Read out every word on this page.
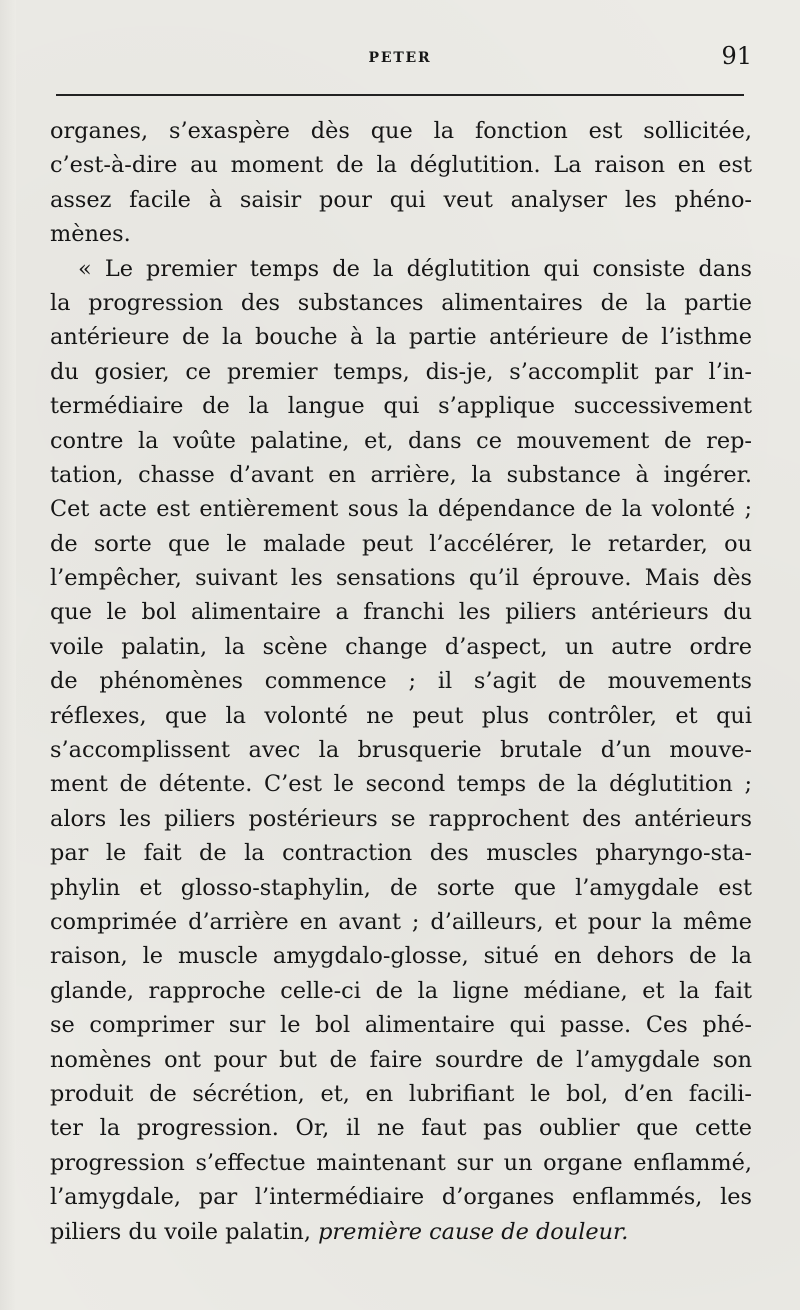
PETER	91
organes, s’exaspère dès que la fonction est sollicitée,
c’est-à-dire au moment de la déglutition. La raison en est
assez facile à saisir pour qui veut analyser les phéno-
mènes.
« Le premier temps de la déglutition qui consiste dans
la progression des substances alimentaires de la partie
antérieure de la bouche à la partie antérieure de l’isthme
du gosier, ce premier temps, dis-je, s’accomplit par l’in-
termédiaire de la langue qui s’applique successivement
contre la voûte palatine, et, dans ce mouvement de rep-
tation, chasse d’avant en arrière, la substance à ingérer.
Cet acte est entièrement sous la dépendance de la volonté ;
de sorte que le malade peut l’accélérer, le retarder, ou
l’empêcher, suivant les sensations qu’il éprouve. Mais dès
que le bol alimentaire a franchi les piliers antérieurs du
voile palatin, la scène change d’aspect, un autre ordre
de phénomènes commence ; il s’agit de mouvements
réflexes, que la volonté ne peut plus contrôler, et qui
s’accomplissent avec la brusquerie brutale d’un mouve-
ment de détente. C’est le second temps de la déglutition ;
alors les piliers postérieurs se rapprochent des antérieurs
par le fait de la contraction des muscles pharyngo-sta-
phylin et glosso-staphylin, de sorte que l’amygdale est
comprimée d’arrière en avant ; d’ailleurs, et pour la même
raison, le muscle amygdalo-glosse, situé en dehors de la
glande, rapproche celle-ci de la ligne médiane, et la fait
se comprimer sur le bol alimentaire qui passe. Ces phé-
nomènes ont pour but de faire sourdre de l’amygdale son
produit de sécrétion, et, en lubrifiant le bol, d’en facili-
ter la progression. Or, il ne faut pas oublier que cette
progression s’effectue maintenant sur un organe enflammé,
l’amygdale, par l’intermédiaire d’organes enflammés, les
piliers du voile palatin, première cause de douleur.
